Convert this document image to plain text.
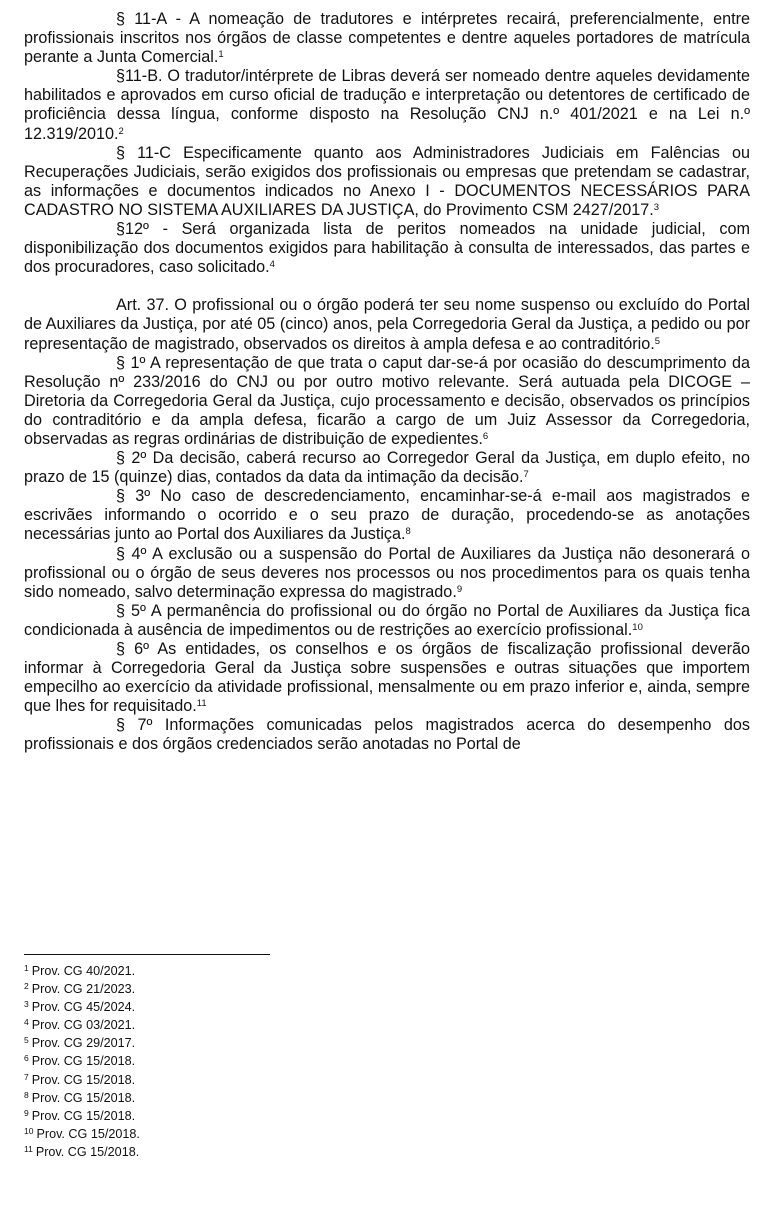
§ 11-A - A nomeação de tradutores e intérpretes recairá, preferencialmente, entre profissionais inscritos nos órgãos de classe competentes e dentre aqueles portadores de matrícula perante a Junta Comercial.$^1$

§11-B. O tradutor/intérprete de Libras deverá ser nomeado dentre aqueles devidamente habilitados e aprovados em curso oficial de tradução e interpretação ou detentores de certificado de proficiência dessa língua, conforme disposto na Resolução CNJ n.º 401/2021 e na Lei n.º 12.319/2010.$^2$

§ 11-C Especificamente quanto aos Administradores Judiciais em Falências ou Recuperações Judiciais, serão exigidos dos profissionais ou empresas que pretendam se cadastrar, as informações e documentos indicados no Anexo I - DOCUMENTOS NECESSÁRIOS PARA CADASTRO NO SISTEMA AUXILIARES DA JUSTIÇA, do Provimento CSM 2427/2017.$^3$

§12º - Será organizada lista de peritos nomeados na unidade judicial, com disponibilização dos documentos exigidos para habilitação à consulta de interessados, das partes e dos procuradores, caso solicitado.$^4$

Art. 37. O profissional ou o órgão poderá ter seu nome suspenso ou excluído do Portal de Auxiliares da Justiça, por até 05 (cinco) anos, pela Corregedoria Geral da Justiça, a pedido ou por representação de magistrado, observados os direitos à ampla defesa e ao contraditório.$^5$

§ 1º A representação de que trata o caput dar-se-á por ocasião do descumprimento da Resolução nº 233/2016 do CNJ ou por outro motivo relevante. Será autuada pela DICOGE – Diretoria da Corregedoria Geral da Justiça, cujo processamento e decisão, observados os princípios do contraditório e da ampla defesa, ficarão a cargo de um Juiz Assessor da Corregedoria, observadas as regras ordinárias de distribuição de expedientes.$^6$

§ 2º Da decisão, caberá recurso ao Corregedor Geral da Justiça, em duplo efeito, no prazo de 15 (quinze) dias, contados da data da intimação da decisão.$^7$

§ 3º No caso de descredenciamento, encaminhar-se-á e-mail aos magistrados e escrivães informando o ocorrido e o seu prazo de duração, procedendo-se as anotações necessárias junto ao Portal dos Auxiliares da Justiça.$^8$

§ 4º A exclusão ou a suspensão do Portal de Auxiliares da Justiça não desonerará o profissional ou o órgão de seus deveres nos processos ou nos procedimentos para os quais tenha sido nomeado, salvo determinação expressa do magistrado.$^9$

§ 5º A permanência do profissional ou do órgão no Portal de Auxiliares da Justiça fica condicionada à ausência de impedimentos ou de restrições ao exercício profissional.$^{10}$

§ 6º As entidades, os conselhos e os órgãos de fiscalização profissional deverão informar à Corregedoria Geral da Justiça sobre suspensões e outras situações que importem empecilho ao exercício da atividade profissional, mensalmente ou em prazo inferior e, ainda, sempre que lhes for requisitado.$^{11}$

§ 7º Informações comunicadas pelos magistrados acerca do desempenho dos profissionais e dos órgãos credenciados serão anotadas no Portal de

$^1$ Prov. CG 40/2021.
$^2$ Prov. CG 21/2023.
$^3$ Prov. CG 45/2024.
$^4$ Prov. CG 03/2021.
$^5$ Prov. CG 29/2017.
$^6$ Prov. CG 15/2018.
$^7$ Prov. CG 15/2018.
$^8$ Prov. CG 15/2018.
$^9$ Prov. CG 15/2018.
$^{10}$ Prov. CG 15/2018.
$^{11}$ Prov. CG 15/2018.
